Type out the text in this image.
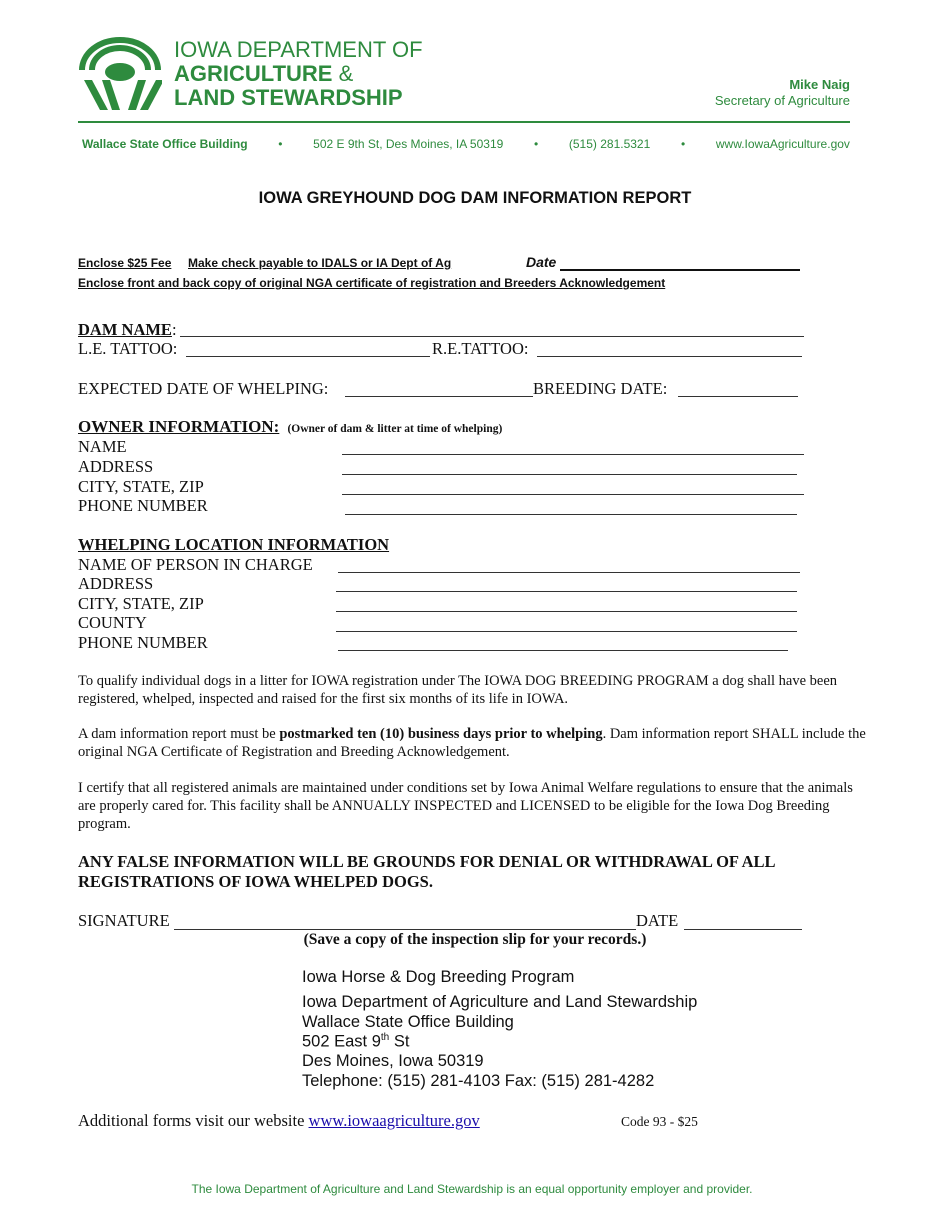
IOWA DEPARTMENT OF
AGRICULTURE &
LAND STEWARDSHIP
Mike Naig
Secretary of Agriculture
Wallace State Office Building	•	502 E 9th St, Des Moines, IA 50319	•	(515) 281.5321	•	www.IowaAgriculture.gov
IOWA GREYHOUND DOG DAM INFORMATION REPORT
Enclose $25 Fee Make check payable to IDALS or IA Dept of Ag	Date
Enclose front and back copy of original NGA certificate of registration and Breeders Acknowledgement
DAM NAME:
L.E. TATTOO:	R.E.TATTOO:
EXPECTED DATE OF WHELPING:	BREEDING DATE:
OWNER INFORMATION: (Owner of dam & litter at time of whelping)
NAME
ADDRESS
CITY, STATE, ZIP
PHONE NUMBER
WHELPING LOCATION INFORMATION
NAME OF PERSON IN CHARGE
ADDRESS
CITY, STATE, ZIP
COUNTY
PHONE NUMBER
To qualify individual dogs in a litter for IOWA registration under The IOWA DOG BREEDING PROGRAM a dog shall have been registered, whelped, inspected and raised for the first six months of its life in IOWA.
A dam information report must be postmarked ten (10) business days prior to whelping. Dam information report SHALL include the original NGA Certificate of Registration and Breeding Acknowledgement.
I certify that all registered animals are maintained under conditions set by Iowa Animal Welfare regulations to ensure that the animals are properly cared for. This facility shall be ANNUALLY INSPECTED and LICENSED to be eligible for the Iowa Dog Breeding program.
ANY FALSE INFORMATION WILL BE GROUNDS FOR DENIAL OR WITHDRAWAL OF ALL REGISTRATIONS OF IOWA WHELPED DOGS.
SIGNATURE	DATE
(Save a copy of the inspection slip for your records.)
Iowa Horse & Dog Breeding Program
Iowa Department of Agriculture and Land Stewardship
Wallace State Office Building
502 East 9th St
Des Moines, Iowa 50319
Telephone: (515) 281-4103 Fax: (515) 281-4282
Additional forms visit our website www.iowaagriculture.gov	Code 93 - $25
The Iowa Department of Agriculture and Land Stewardship is an equal opportunity employer and provider.
